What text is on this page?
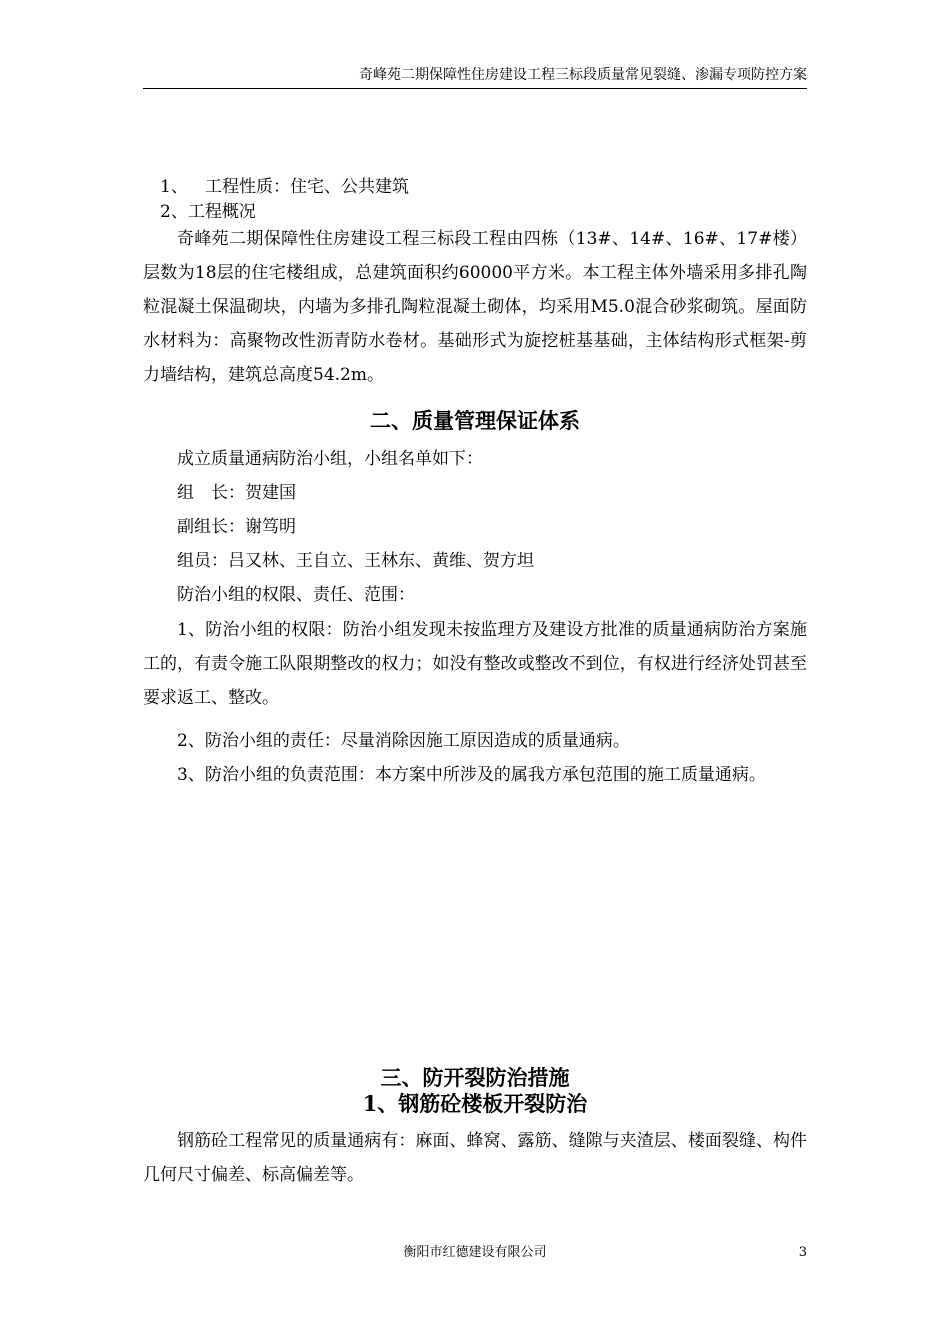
奇峰苑二期保障性住房建设工程三标段质量常见裂缝、渗漏专项防控方案
1、 工程性质：住宅、公共建筑
2、工程概况

奇峰苑二期保障性住房建设工程三标段工程由四栋（13#、14#、16#、17#楼）层数为18层的住宅楼组成，总建筑面积约60000平方米。本工程主体外墙采用多排孔陶粒混凝土保温砌块，内墙为多排孔陶粒混凝土砌体，均采用M5.0混合砂浆砌筑。屋面防水材料为：高聚物改性沥青防水卷材。基础形式为旋挖桩基基础，主体结构形式框架-剪力墙结构，建筑总高度54.2m。

二、质量管理保证体系
成立质量通病防治小组，小组名单如下：
组　长：贺建国
副组长：谢笃明
组员：吕又林、王自立、王林东、黄维、贺方坦
防治小组的权限、责任、范围：

1、防治小组的权限：防治小组发现未按监理方及建设方批准的质量通病防治方案施工的，有责令施工队限期整改的权力；如没有整改或整改不到位，有权进行经济处罚甚至要求返工、整改。

2、防治小组的责任：尽量消除因施工原因造成的质量通病。

3、防治小组的负责范围：本方案中所涉及的属我方承包范围的施工质量通病。

三、防开裂防治措施
1、钢筋砼楼板开裂防治

钢筋砼工程常见的质量通病有：麻面、蜂窝、露筋、缝隙与夹渣层、楼面裂缝、构件几何尺寸偏差、标高偏差等。

衡阳市红德建设有限公司	3
